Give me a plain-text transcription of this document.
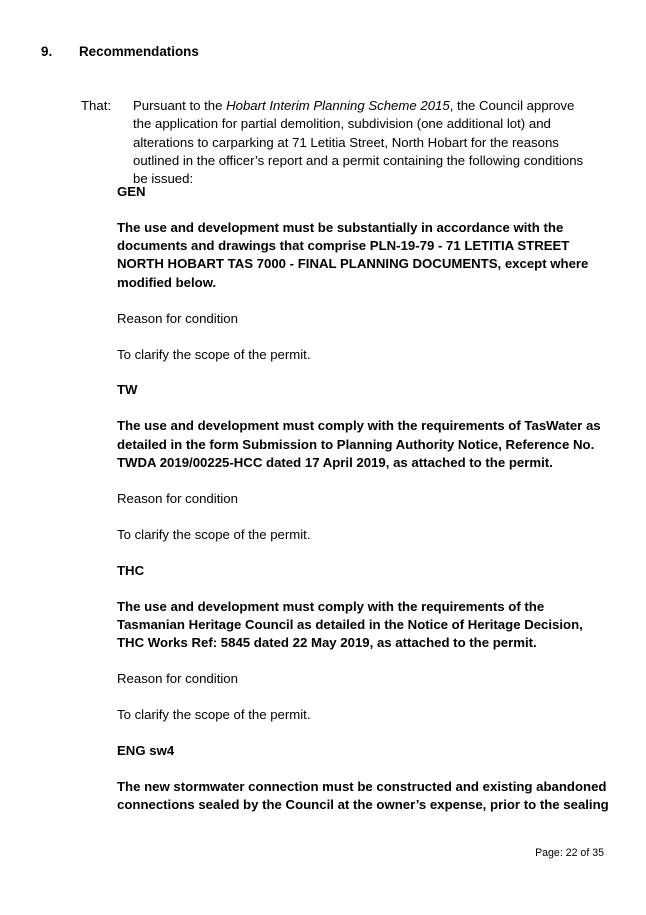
9. Recommendations
That: Pursuant to the Hobart Interim Planning Scheme 2015, the Council approve the application for partial demolition, subdivision (one additional lot) and alterations to carparking at 71 Letitia Street, North Hobart for the reasons outlined in the officer’s report and a permit containing the following conditions be issued:

GEN

The use and development must be substantially in accordance with the documents and drawings that comprise PLN-19-79 - 71 LETITIA STREET NORTH HOBART TAS 7000 - FINAL PLANNING DOCUMENTS, except where modified below.

Reason for condition

To clarify the scope of the permit.

TW

The use and development must comply with the requirements of TasWater as detailed in the form Submission to Planning Authority Notice, Reference No. TWDA 2019/00225-HCC dated 17 April 2019, as attached to the permit.

Reason for condition

To clarify the scope of the permit.

THC

The use and development must comply with the requirements of the Tasmanian Heritage Council as detailed in the Notice of Heritage Decision, THC Works Ref: 5845 dated 22 May 2019, as attached to the permit.

Reason for condition

To clarify the scope of the permit.

ENG sw4

The new stormwater connection must be constructed and existing abandoned connections sealed by the Council at the owner’s expense, prior to the sealing

Page: 22 of 35
